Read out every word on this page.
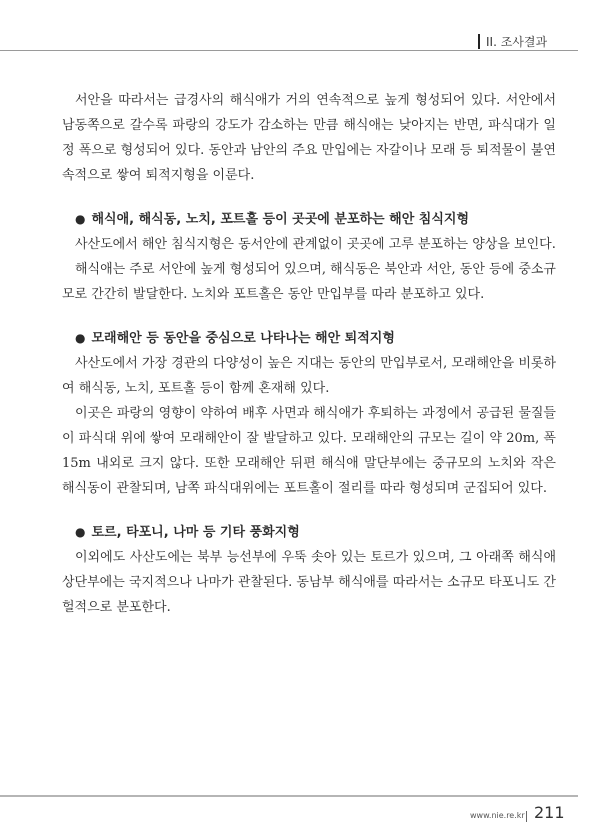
II. 조사결과

서안을 따라서는 급경사의 해식애가 거의 연속적으로 높게 형성되어 있다. 서안에서 남동쪽으로 갈수록 파랑의 강도가 감소하는 만큼 해식애는 낮아지는 반면, 파식대가 일정 폭으로 형성되어 있다. 동안과 남안의 주요 만입에는 자갈이나 모래 등 퇴적물이 불연속적으로 쌓여 퇴적지형을 이룬다.

● 해식애, 해식동, 노치, 포트홀 등이 곳곳에 분포하는 해안 침식지형

사산도에서 해안 침식지형은 동서안에 관계없이 곳곳에 고루 분포하는 양상을 보인다.

해식애는 주로 서안에 높게 형성되어 있으며, 해식동은 북안과 서안, 동안 등에 중소규모로 간간히 발달한다. 노치와 포트홀은 동안 만입부를 따라 분포하고 있다.

● 모래해안 등 동안을 중심으로 나타나는 해안 퇴적지형

사산도에서 가장 경관의 다양성이 높은 지대는 동안의 만입부로서, 모래해안을 비롯하여 해식동, 노치, 포트홀 등이 함께 혼재해 있다.

이곳은 파랑의 영향이 약하여 배후 사면과 해식애가 후퇴하는 과정에서 공급된 물질들이 파식대 위에 쌓여 모래해안이 잘 발달하고 있다. 모래해안의 규모는 길이 약 20m, 폭 15m 내외로 크지 않다. 또한 모래해안 뒤편 해식애 말단부에는 중규모의 노치와 작은 해식동이 관찰되며, 남쪽 파식대위에는 포트홀이 절리를 따라 형성되며 군집되어 있다.

● 토르, 타포니, 나마 등 기타 풍화지형

이외에도 사산도에는 북부 능선부에 우뚝 솟아 있는 토르가 있으며, 그 아래쪽 해식애 상단부에는 국지적으나 나마가 관찰된다. 동남부 해식애를 따라서는 소규모 타포니도 간헐적으로 분포한다.

www.nie.re.kr 211
